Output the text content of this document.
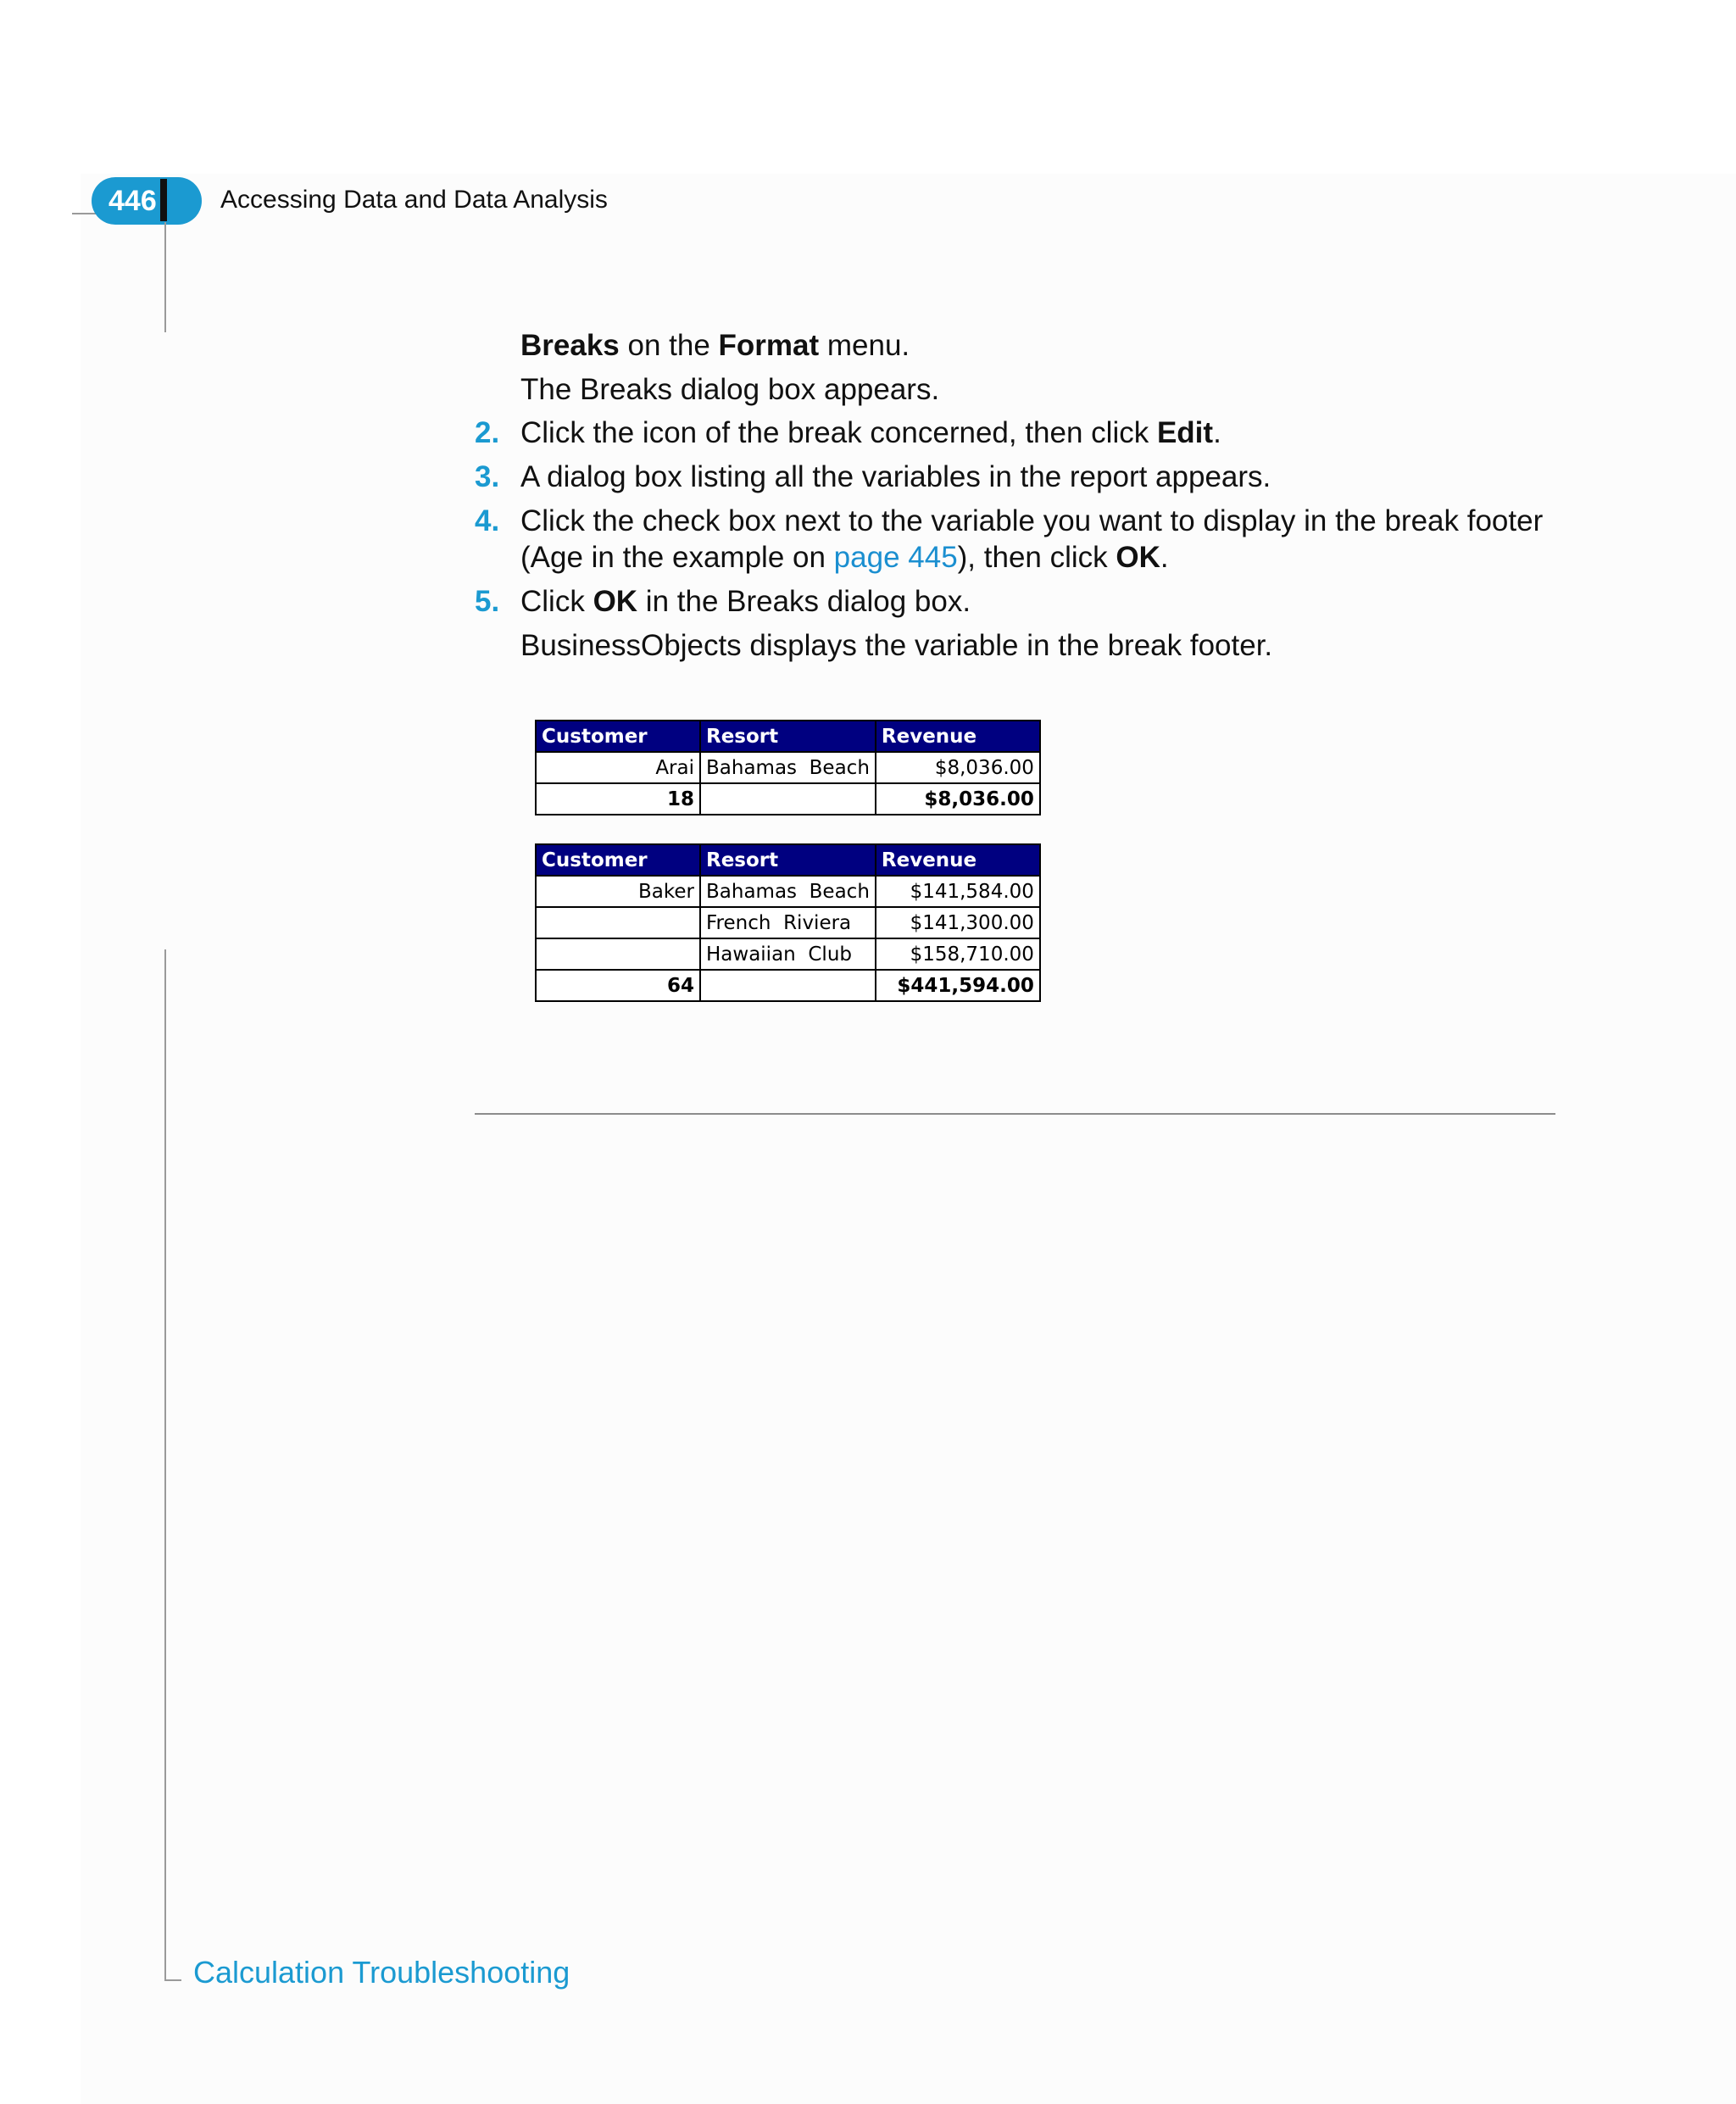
446	Accessing Data and Data Analysis
Breaks on the Format menu.
The Breaks dialog box appears.
2. Click the icon of the break concerned, then click Edit.
3. A dialog box listing all the variables in the report appears.
4. Click the check box next to the variable you want to display in the break footer
(Age in the example on page 445), then click OK.
5. Click OK in the Breaks dialog box.
BusinessObjects displays the variable in the break footer.
Customer	Resort	Revenue
Arai	Bahamas  Beach	$8,036.00
18		$8,036.00
Customer	Resort	Revenue
Baker	Bahamas  Beach	$141,584.00
	French  Riviera	$141,300.00
	Hawaiian  Club	$158,710.00
64		$441,594.00
Calculation Troubleshooting
